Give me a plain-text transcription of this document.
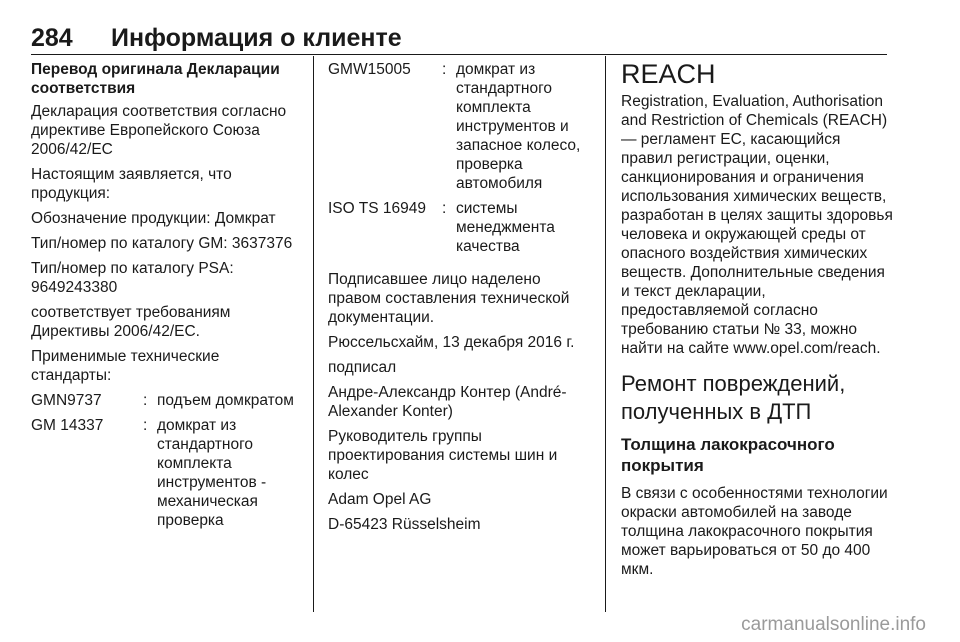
284 Информация о клиенте

Перевод оригинала Декларации соответствия

Декларация соответствия согласно директиве Европейского Союза 2006/42/EC

Настоящим заявляется, что продукция:

Обозначение продукции: Домкрат

Тип/номер по каталогу GM: 3637376

Тип/номер по каталогу PSA: 9649243380

соответствует требованиям Директивы 2006/42/EC.

Применимые технические стандарты:

GMN9737	: подъем домкратом
GM 14337	: домкрат из стандартного комплекта инструментов - механическая проверка
GMW15005	: домкрат из стандартного комплекта инструментов и запасное колесо, проверка автомобиля
ISO TS 16949	: системы менеджмента качества

Подписавшее лицо наделено правом составления технической документации.

Рюссельсхайм, 13 декабря 2016 г.

подписал

Андре-Александр Контер (André-Alexander Konter)

Руководитель группы проектирования системы шин и колес

Adam Opel AG

D-65423 Rüsselsheim

REACH

Registration, Evaluation, Authorisation and Restriction of Chemicals (REACH) — регламент ЕС, касающийся правил регистрации, оценки, санкционирования и ограничения использования химических веществ, разработан в целях защиты здоровья человека и окружающей среды от опасного воздействия химических веществ. Дополнительные сведения и текст декларации, предоставляемой согласно требованию статьи № 33, можно найти на сайте www.opel.com/reach.

Ремонт повреждений, полученных в ДТП
Толщина лакокрасочного покрытия

В связи с особенностями технологии окраски автомобилей на заводе толщина лакокрасочного покрытия может варьироваться от 50 до 400 мкм.

carmanualsonline.info
